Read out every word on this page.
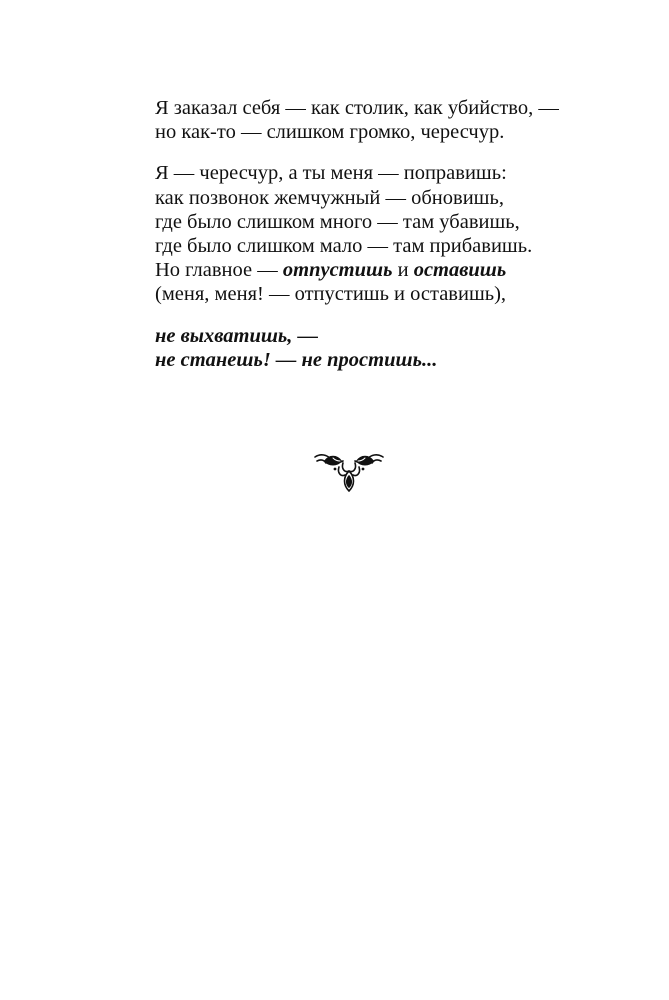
Я заказал себя — как столик, как убийство, —
но как-то — слишком громко, чересчур.
Я — чересчур, а ты меня — поправишь:
как позвонок жемчужный — обновишь,
где было слишком много — там убавишь,
где было слишком мало — там прибавишь.
Но главное — отпустишь и оставишь
(меня, меня! — отпустишь и оставишь),
не выхватишь, —
не станешь! — не простишь...
